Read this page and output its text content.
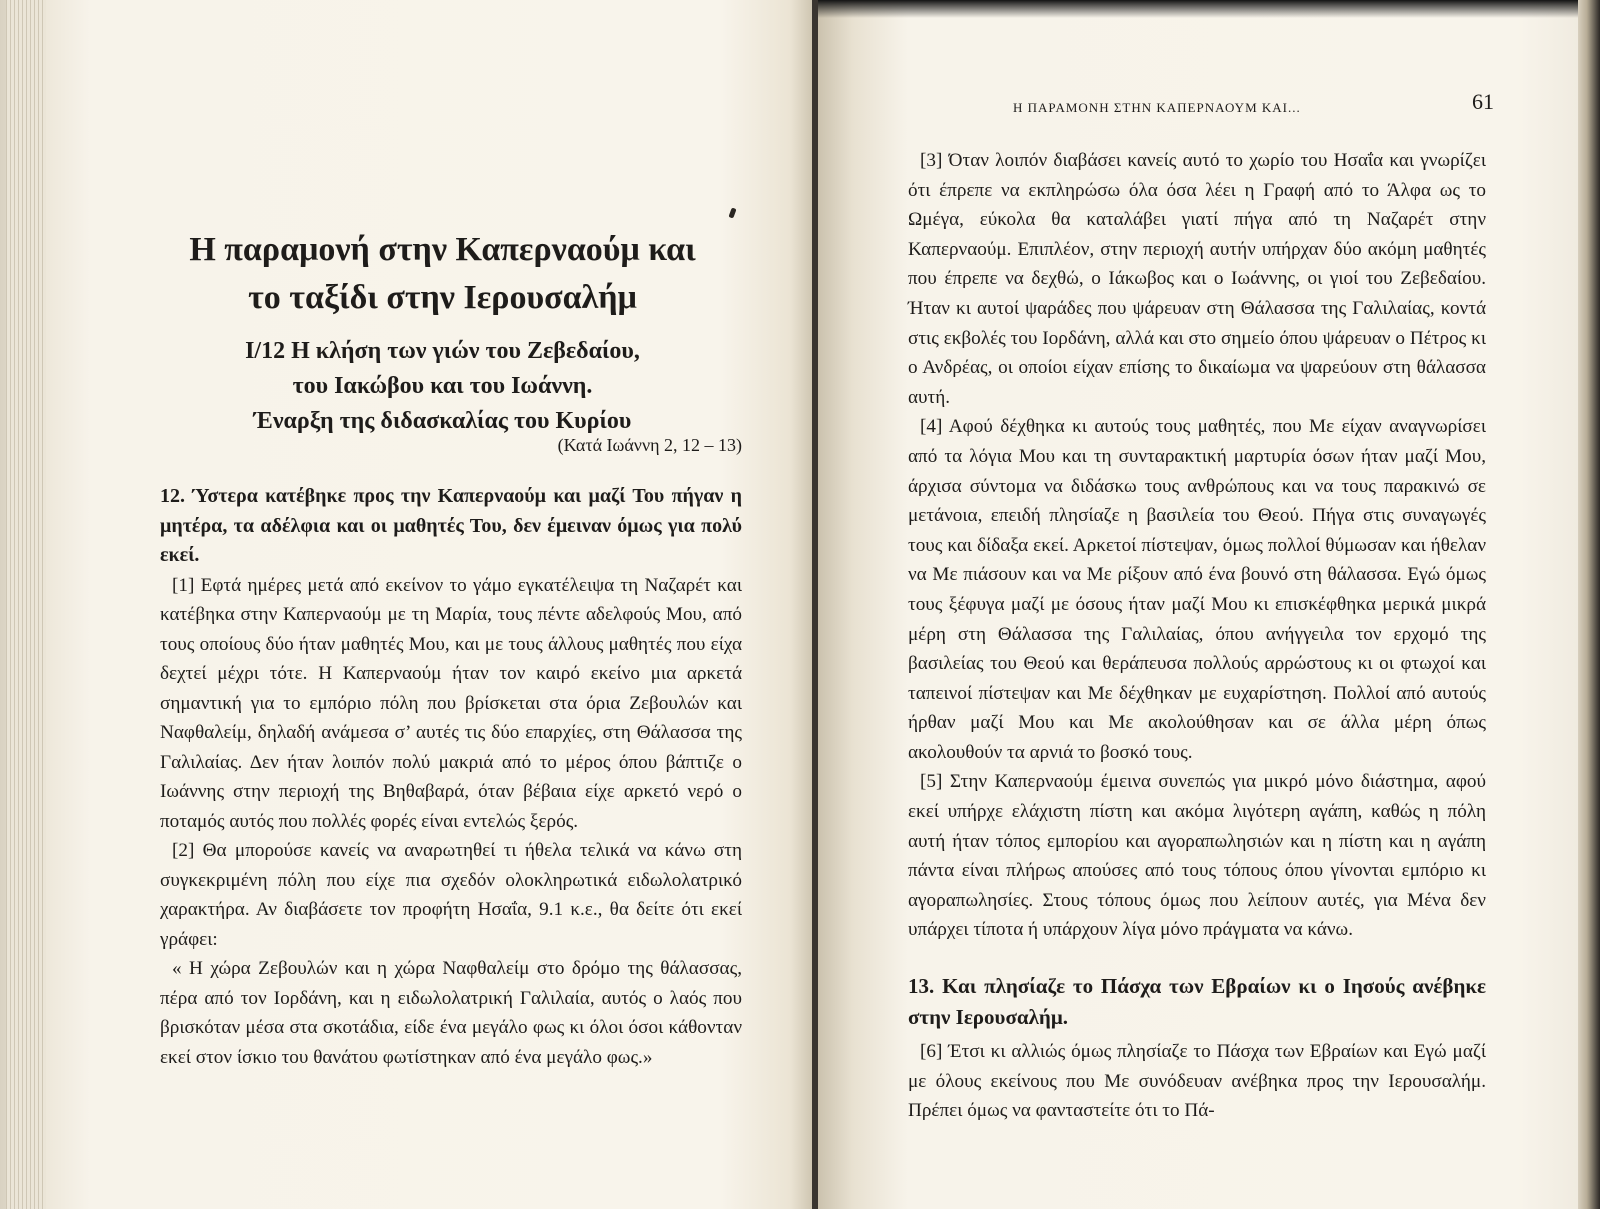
Η παραμονή στην Καπερναούμ και
το ταξίδι στην Ιερουσαλήμ
Ι/12 Η κλήση των γιών του Ζεβεδαίου,
του Ιακώβου και του Ιωάννη.
Έναρξη της διδασκαλίας του Κυρίου
(Κατά Ιωάννη 2, 12 – 13)

12. Ύστερα κατέβηκε προς την Καπερναούμ και μαζί Του πήγαν η μητέρα, τα αδέλφια και οι μαθητές Του, δεν έμειναν όμως για πολύ εκεί.

[1] Εφτά ημέρες μετά από εκείνον το γάμο εγκατέλειψα τη Ναζαρέτ και κατέβηκα στην Καπερναούμ με τη Μαρία, τους πέντε αδελφούς Μου, από τους οποίους δύο ήταν μαθητές Μου, και με τους άλλους μαθητές που είχα δεχτεί μέχρι τότε. Η Καπερναούμ ήταν τον καιρό εκείνο μια αρκετά σημαντική για το εμπόριο πόλη που βρίσκεται στα όρια Ζεβουλών και Ναφθαλείμ, δηλαδή ανάμεσα σ’ αυτές τις δύο επαρχίες, στη Θάλασσα της Γαλιλαίας. Δεν ήταν λοιπόν πολύ μακριά από το μέρος όπου βάπτιζε ο Ιωάννης στην περιοχή της Βηθαβαρά, όταν βέβαια είχε αρκετό νερό ο ποταμός αυτός που πολλές φορές είναι εντελώς ξερός.

[2] Θα μπορούσε κανείς να αναρωτηθεί τι ήθελα τελικά να κάνω στη συγκεκριμένη πόλη που είχε πια σχεδόν ολοκληρωτικά ειδωλολατρικό χαρακτήρα. Αν διαβάσετε τον προφήτη Ησαΐα, 9.1 κ.ε., θα δείτε ότι εκεί γράφει:

« Η χώρα Ζεβουλών και η χώρα Ναφθαλείμ στο δρόμο της θάλασσας, πέρα από τον Ιορδάνη, και η ειδωλολατρική Γαλιλαία, αυτός ο λαός που βρισκόταν μέσα στα σκοτάδια, είδε ένα μεγάλο φως κι όλοι όσοι κάθονταν εκεί στον ίσκιο του θανάτου φωτίστηκαν από ένα μεγάλο φως.»

Η ΠΑΡΑΜΟΝΗ ΣΤΗΝ ΚΑΠΕΡΝΑΟΥΜ ΚΑΙ...	61

[3] Όταν λοιπόν διαβάσει κανείς αυτό το χωρίο του Ησαΐα και γνωρίζει ότι έπρεπε να εκπληρώσω όλα όσα λέει η Γραφή από το Άλφα ως το Ωμέγα, εύκολα θα καταλάβει γιατί πήγα από τη Ναζαρέτ στην Καπερναούμ. Επιπλέον, στην περιοχή αυτήν υπήρχαν δύο ακόμη μαθητές που έπρεπε να δεχθώ, ο Ιάκωβος και ο Ιωάννης, οι γιοί του Ζεβεδαίου. Ήταν κι αυτοί ψαράδες που ψάρευαν στη Θάλασσα της Γαλιλαίας, κοντά στις εκβολές του Ιορδάνη, αλλά και στο σημείο όπου ψάρευαν ο Πέτρος κι ο Ανδρέας, οι οποίοι είχαν επίσης το δικαίωμα να ψαρεύουν στη θάλασσα αυτή.

[4] Αφού δέχθηκα κι αυτούς τους μαθητές, που Με είχαν αναγνωρίσει από τα λόγια Μου και τη συνταρακτική μαρτυρία όσων ήταν μαζί Μου, άρχισα σύντομα να διδάσκω τους ανθρώπους και να τους παρακινώ σε μετάνοια, επειδή πλησίαζε η βασιλεία του Θεού. Πήγα στις συναγωγές τους και δίδαξα εκεί. Αρκετοί πίστεψαν, όμως πολλοί θύμωσαν και ήθελαν να Με πιάσουν και να Με ρίξουν από ένα βουνό στη θάλασσα. Εγώ όμως τους ξέφυγα μαζί με όσους ήταν μαζί Μου κι επισκέφθηκα μερικά μικρά μέρη στη Θάλασσα της Γαλιλαίας, όπου ανήγγειλα τον ερχομό της βασιλείας του Θεού και θεράπευσα πολλούς αρρώστους κι οι φτωχοί και ταπεινοί πίστεψαν και Με δέχθηκαν με ευχαρίστηση. Πολλοί από αυτούς ήρθαν μαζί Μου και Με ακολούθησαν και σε άλλα μέρη όπως ακολουθούν τα αρνιά το βοσκό τους.

[5] Στην Καπερναούμ έμεινα συνεπώς για μικρό μόνο διάστημα, αφού εκεί υπήρχε ελάχιστη πίστη και ακόμα λιγότερη αγάπη, καθώς η πόλη αυτή ήταν τόπος εμπορίου και αγοραπωλησιών και η πίστη και η αγάπη πάντα είναι πλήρως απούσες από τους τόπους όπου γίνονται εμπόριο κι αγοραπωλησίες. Στους τόπους όμως που λείπουν αυτές, για Μένα δεν υπάρχει τίποτα ή υπάρχουν λίγα μόνο πράγματα να κάνω.

13. Και πλησίαζε το Πάσχα των Εβραίων κι ο Ιησούς ανέβηκε στην Ιερουσαλήμ.

[6] Έτσι κι αλλιώς όμως πλησίαζε το Πάσχα των Εβραίων και Εγώ μαζί με όλους εκείνους που Με συνόδευαν ανέβηκα προς την Ιερουσαλήμ. Πρέπει όμως να φανταστείτε ότι το Πά-
